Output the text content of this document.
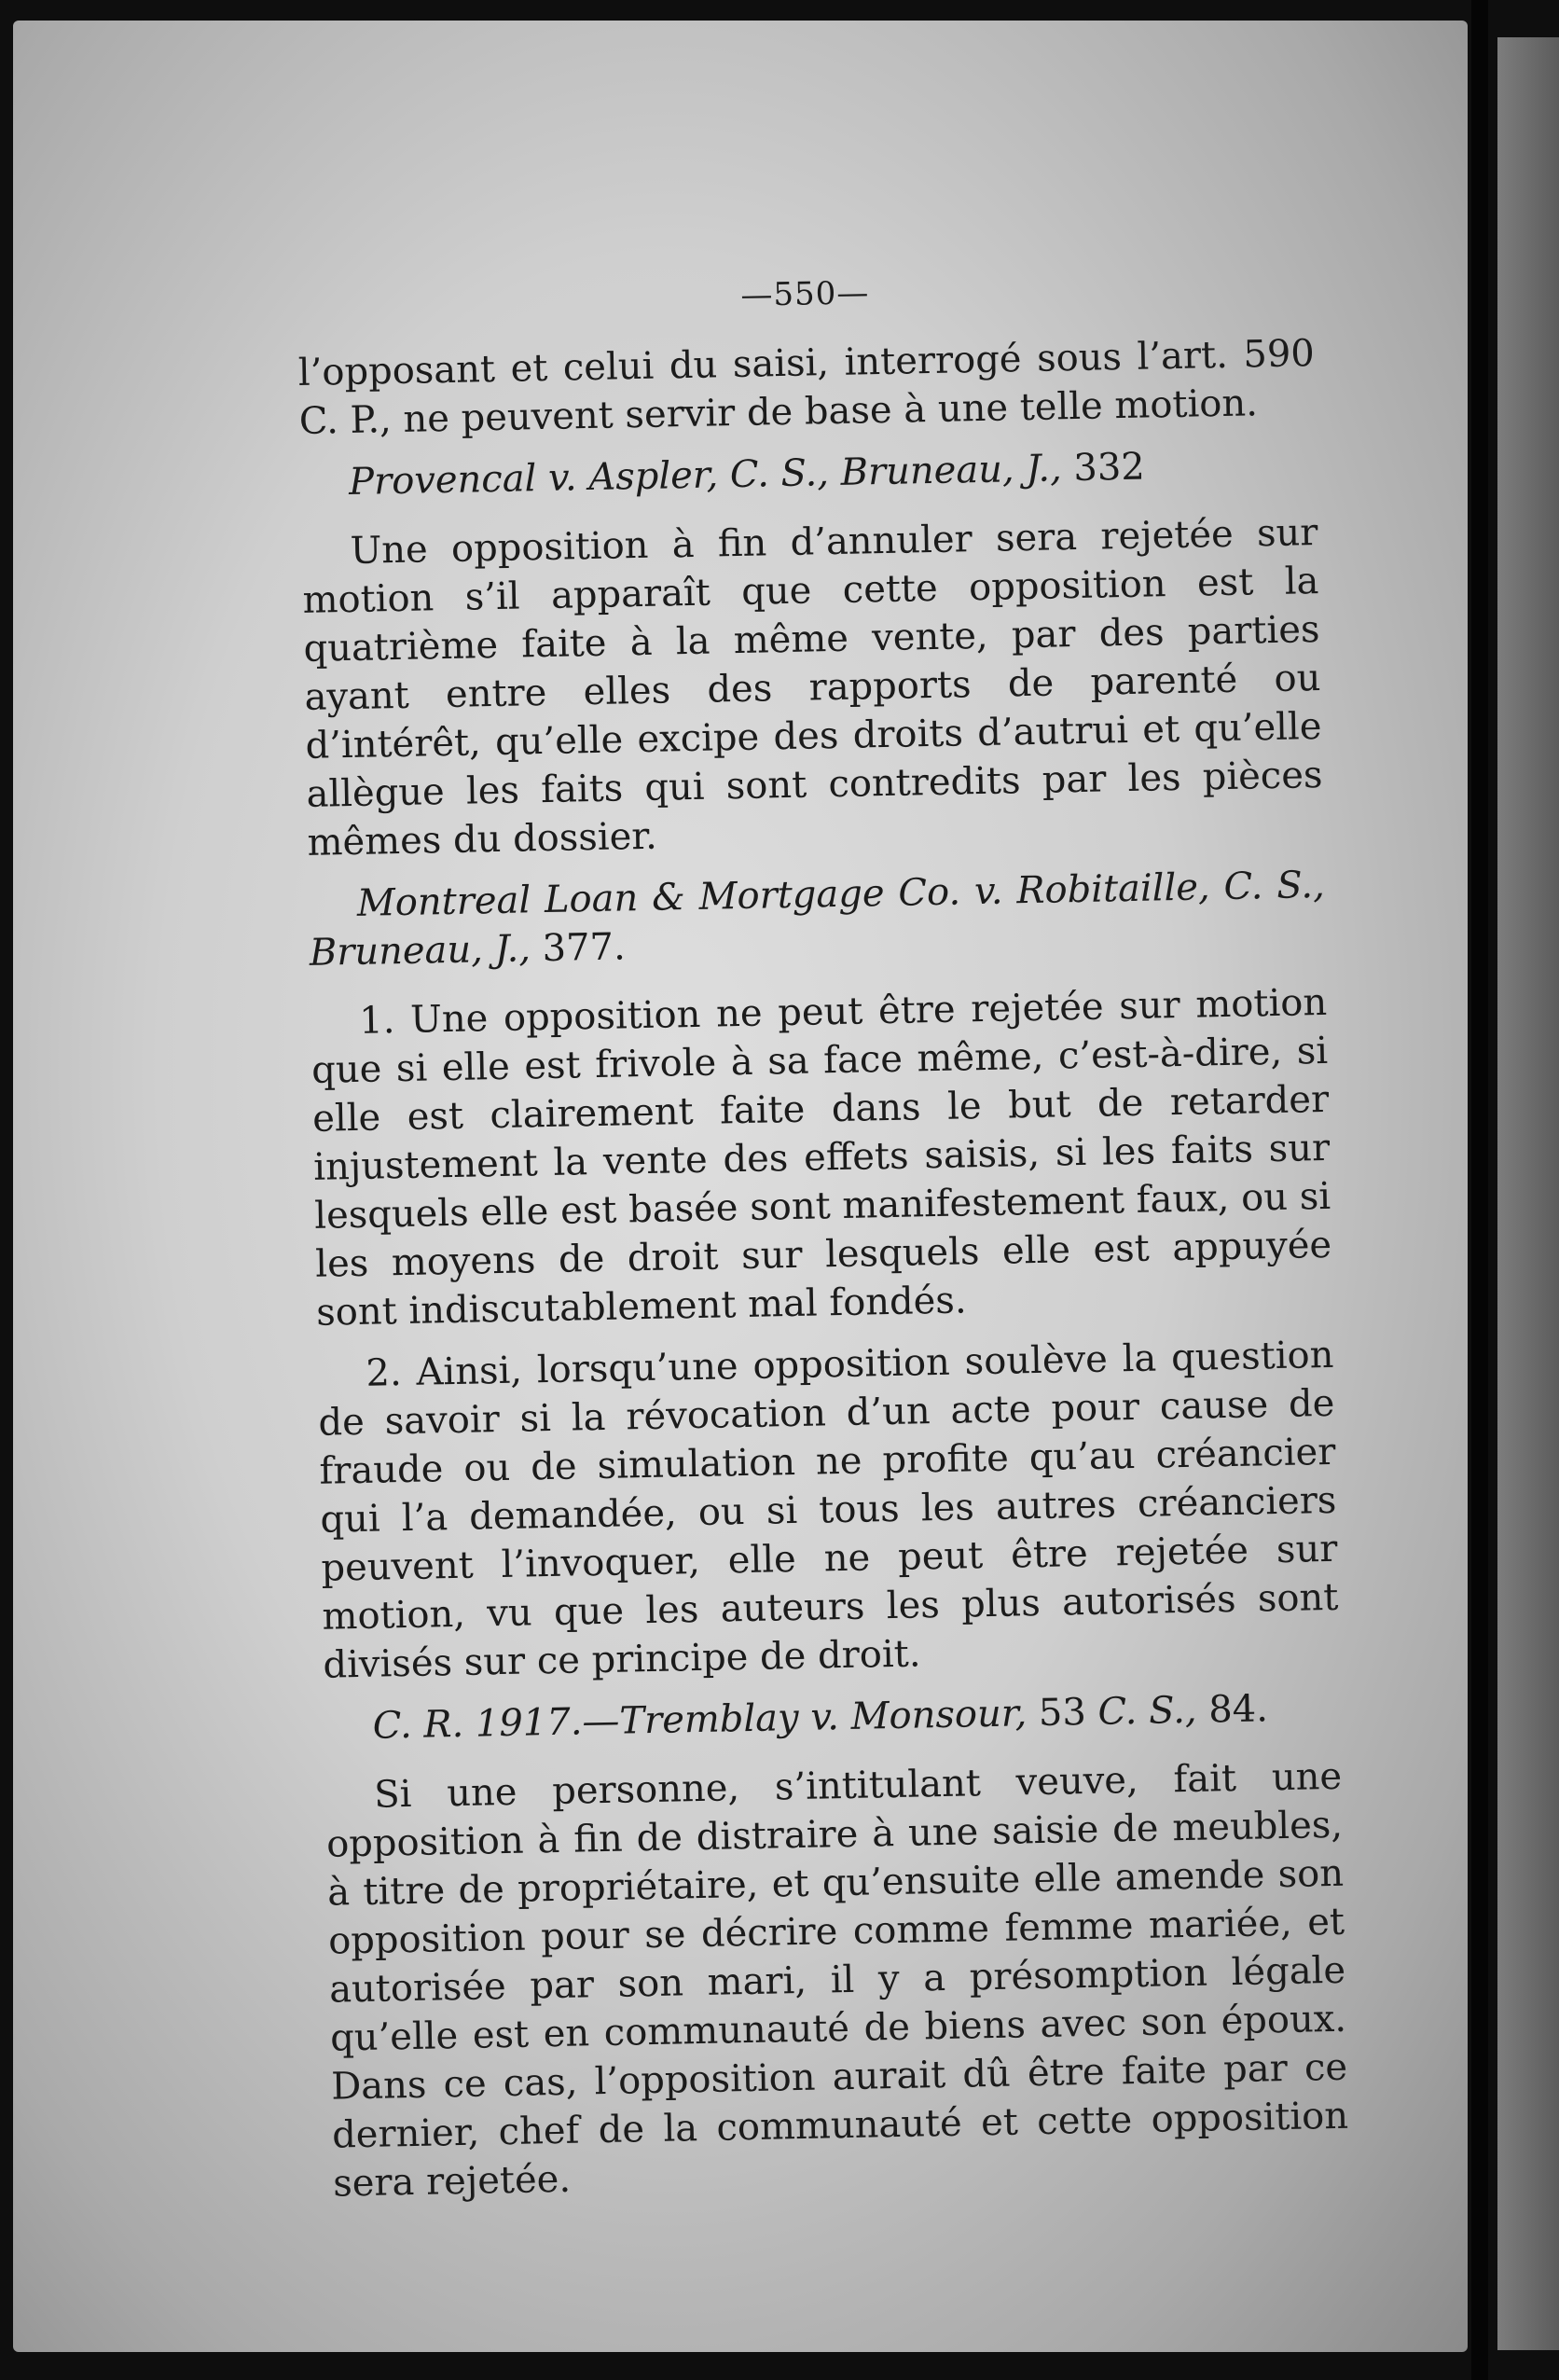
—550—

l’opposant et celui du saisi, interrogé sous l’art. 590 C. P., ne peuvent servir de base à une telle motion.

Provencal v. Aspler, C. S., Bruneau, J., 332

Une opposition à fin d’annuler sera rejetée sur motion s’il apparaît que cette opposition est la quatrième faite à la même vente, par des parties ayant entre elles des rapports de parenté ou d’intérêt, qu’elle excipe des droits d’autrui et qu’elle allègue les faits qui sont contredits par les pièces mêmes du dossier.

Montreal Loan & Mortgage Co. v. Robitaille, C. S., Bruneau, J., 377.

1. Une opposition ne peut être rejetée sur motion que si elle est frivole à sa face même, c’est-à-dire, si elle est clairement faite dans le but de retarder injustement la vente des effets saisis, si les faits sur lesquels elle est basée sont manifestement faux, ou si les moyens de droit sur lesquels elle est appuyée sont indiscutablement mal fondés.

2. Ainsi, lorsqu’une opposition soulève la question de savoir si la révocation d’un acte pour cause de fraude ou de simulation ne profite qu’au créancier qui l’a demandée, ou si tous les autres créanciers peuvent l’invoquer, elle ne peut être rejetée sur motion, vu que les auteurs les plus autorisés sont divisés sur ce principe de droit.

C. R. 1917.—Tremblay v. Monsour, 53 C. S., 84.

Si une personne, s’intitulant veuve, fait une opposition à fin de distraire à une saisie de meubles, à titre de propriétaire, et qu’ensuite elle amende son opposition pour se décrire comme femme mariée, et autorisée par son mari, il y a présomption légale qu’elle est en communauté de biens avec son époux. Dans ce cas, l’opposition aurait dû être faite par ce dernier, chef de la communauté et cette opposition sera rejetée.
